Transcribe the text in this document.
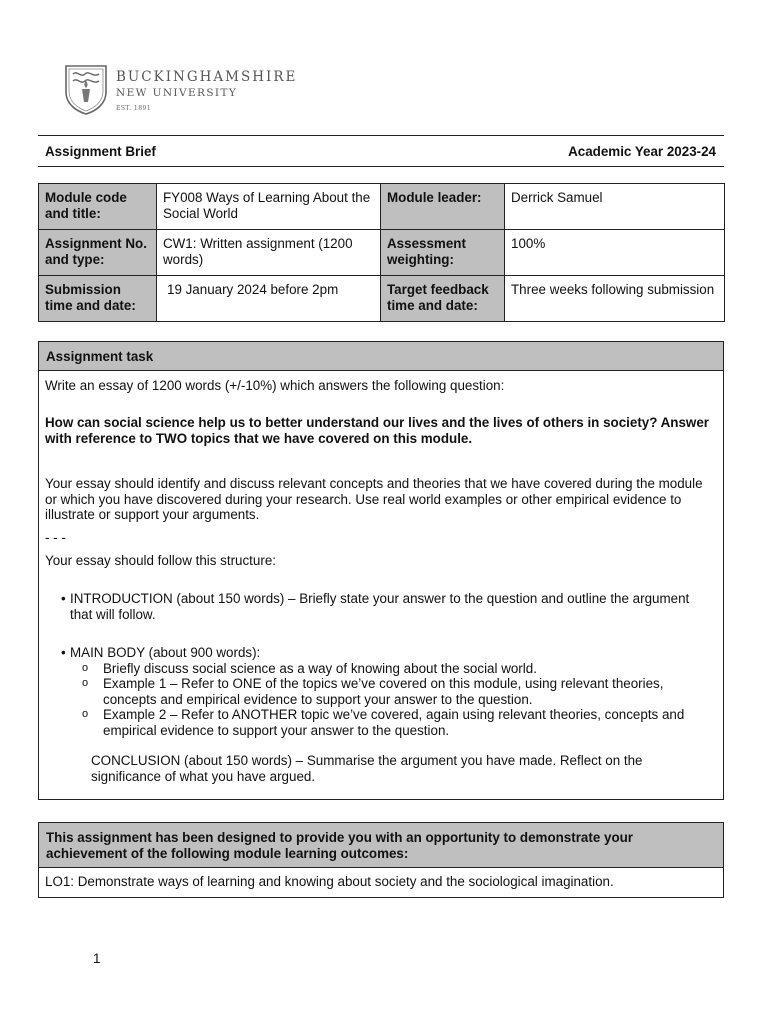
BUCKINGHAMSHIRE
NEW UNIVERSITY
EST. 1891
Assignment Brief	Academic Year 2023-24
Module code and title:	FY008 Ways of Learning About the Social World	Module leader:	Derrick Samuel
Assignment No. and type:	CW1: Written assignment (1200 words)	Assessment weighting:	100%
Submission time and date:	19 January 2024 before 2pm	Target feedback time and date:	Three weeks following submission
Assignment task
Write an essay of 1200 words (+/-10%) which answers the following question:
How can social science help us to better understand our lives and the lives of others in society? Answer with reference to TWO topics that we have covered on this module.
Your essay should identify and discuss relevant concepts and theories that we have covered during the module or which you have discovered during your research. Use real world examples or other empirical evidence to illustrate or support your arguments.
- - -
Your essay should follow this structure:
• INTRODUCTION (about 150 words) – Briefly state your answer to the question and outline the argument that will follow.
• MAIN BODY (about 900 words):
o Briefly discuss social science as a way of knowing about the social world.
o Example 1 – Refer to ONE of the topics we’ve covered on this module, using relevant theories, concepts and empirical evidence to support your answer to the question.
o Example 2 – Refer to ANOTHER topic we’ve covered, again using relevant theories, concepts and empirical evidence to support your answer to the question.
CONCLUSION (about 150 words) – Summarise the argument you have made. Reflect on the significance of what you have argued.
This assignment has been designed to provide you with an opportunity to demonstrate your achievement of the following module learning outcomes:
LO1: Demonstrate ways of learning and knowing about society and the sociological imagination.
1
